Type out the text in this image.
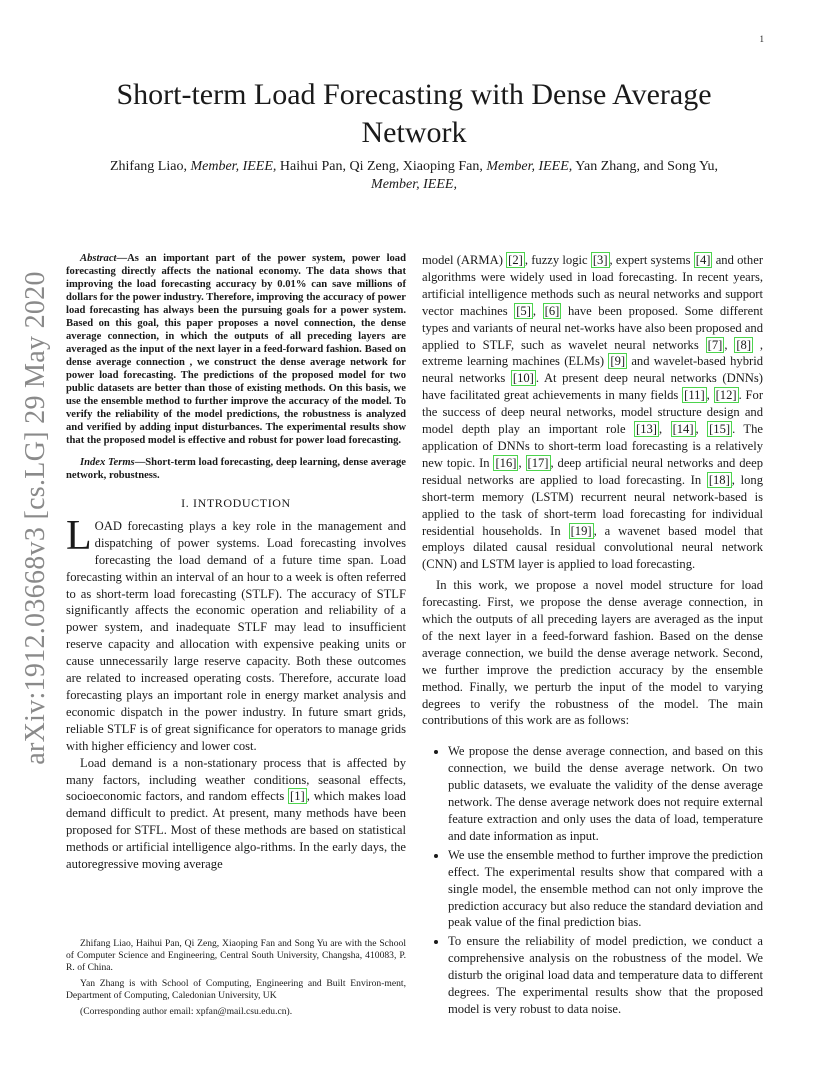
1
arXiv:1912.03668v3 [cs.LG] 29 May 2020
Short-term Load Forecasting with Dense Average Network
Zhifang Liao, Member, IEEE, Haihui Pan, Qi Zeng, Xiaoping Fan, Member, IEEE, Yan Zhang, and Song Yu, Member, IEEE,

Abstract—As an important part of the power system, power load forecasting directly affects the national economy. The data shows that improving the load forecasting accuracy by 0.01% can save millions of dollars for the power industry. Therefore, improving the accuracy of power load forecasting has always been the pursuing goals for a power system. Based on this goal, this paper proposes a novel connection, the dense average connection, in which the outputs of all preceding layers are averaged as the input of the next layer in a feed-forward fashion. Based on dense average connection , we construct the dense average network for power load forecasting. The predictions of the proposed model for two public datasets are better than those of existing methods. On this basis, we use the ensemble method to further improve the accuracy of the model. To verify the reliability of the model predictions, the robustness is analyzed and verified by adding input disturbances. The experimental results show that the proposed model is effective and robust for power load forecasting.

Index Terms—Short-term load forecasting, deep learning, dense average network, robustness.

I. INTRODUCTION

LOAD forecasting plays a key role in the management and dispatching of power systems. Load forecasting involves forecasting the load demand of a future time span. Load forecasting within an interval of an hour to a week is often referred to as short-term load forecasting (STLF). The accuracy of STLF significantly affects the economic operation and reliability of a power system, and inadequate STLF may lead to insufficient reserve capacity and allocation with expensive peaking units or cause unnecessarily large reserve capacity. Both these outcomes are related to increased operating costs. Therefore, accurate load forecasting plays an important role in energy market analysis and economic dispatch in the power industry. In future smart grids, reliable STLF is of great significance for operators to manage grids with higher efficiency and lower cost.

Load demand is a non-stationary process that is affected by many factors, including weather conditions, seasonal effects, socioeconomic factors, and random effects [1] , which makes load demand difficult to predict. At present, many methods have been proposed for STFL. Most of these methods are based on statistical methods or artificial intelligence algo-rithms. In the early days, the autoregressive moving average

model (ARMA) [2] , fuzzy logic [3] , expert systems [4] and other algorithms were widely used in load forecasting. In recent years, artificial intelligence methods such as neural networks and support vector machines [5] , [6] have been proposed. Some different types and variants of neural net-works have also been proposed and applied to STLF, such as wavelet neural networks [7] , [8] , extreme learning machines (ELMs) [9] and wavelet-based hybrid neural networks [10] . At present deep neural networks (DNNs) have facilitated great achievements in many fields [11] , [12] . For the success of deep neural networks, model structure design and model depth play an important role [13] , [14] , [15] . The application of DNNs to short-term load forecasting is a relatively new topic. In [16] , [17] , deep artificial neural networks and deep residual networks are applied to load forecasting. In [18] , long short-term memory (LSTM) recurrent neural network-based is applied to the task of short-term load forecasting for individual residential households. In [19] , a wavenet based model that employs dilated causal residual convolutional neural network (CNN) and LSTM layer is applied to load forecasting.

In this work, we propose a novel model structure for load forecasting. First, we propose the dense average connection, in which the outputs of all preceding layers are averaged as the input of the next layer in a feed-forward fashion. Based on the dense average connection, we build the dense average network. Second, we further improve the prediction accuracy by the ensemble method. Finally, we perturb the input of the model to varying degrees to verify the robustness of the model. The main contributions of this work are as follows:

• We propose the dense average connection, and based on this connection, we build the dense average network. On two public datasets, we evaluate the validity of the dense average network. The dense average network does not require external feature extraction and only uses the data of load, temperature and date information as input.
• We use the ensemble method to further improve the prediction effect. The experimental results show that compared with a single model, the ensemble method can not only improve the prediction accuracy but also reduce the standard deviation and peak value of the final prediction bias.
• To ensure the reliability of model prediction, we conduct a comprehensive analysis on the robustness of the model. We disturb the original load data and temperature data to different degrees. The experimental results show that the proposed model is very robust to data noise.

Zhifang Liao, Haihui Pan, Qi Zeng, Xiaoping Fan and Song Yu are with the School of Computer Science and Engineering, Central South University, Changsha, 410083, P. R. of China.

Yan Zhang is with School of Computing, Engineering and Built Environ-ment, Department of Computing, Caledonian University, UK

(Corresponding author email: xpfan@mail.csu.edu.cn).
